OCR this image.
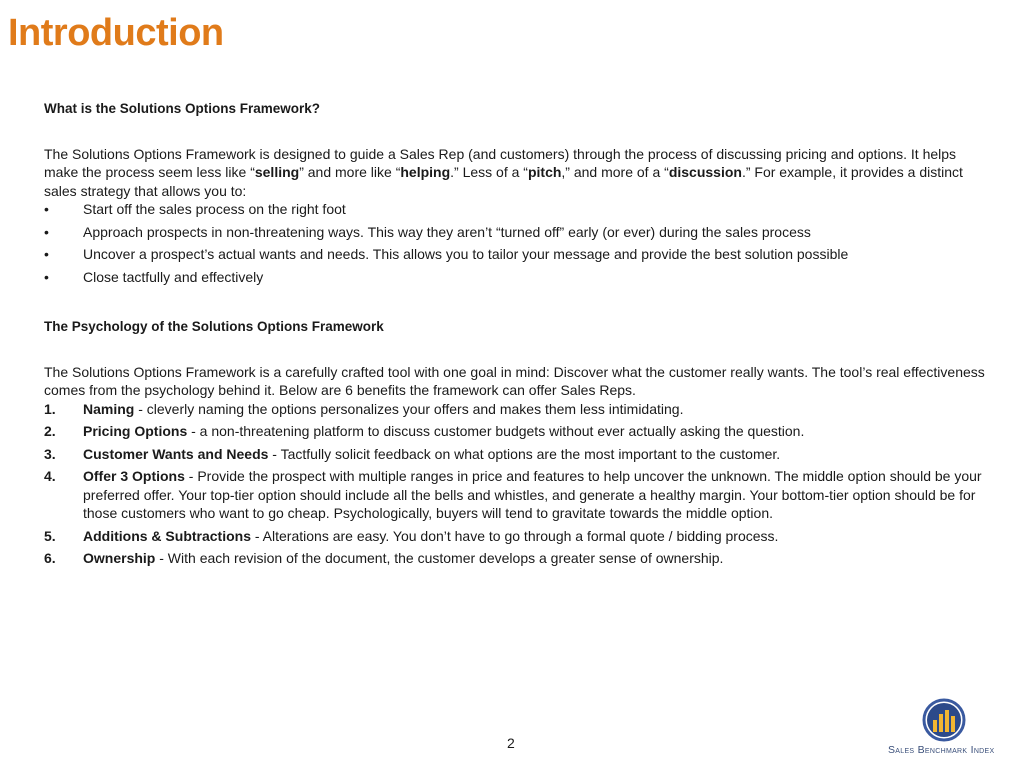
Introduction

What is the Solutions Options Framework?

The Solutions Options Framework is designed to guide a Sales Rep (and customers) through the process of discussing pricing and options. It helps make the process seem less like “selling” and more like “helping.” Less of a “pitch,” and more of a “discussion.” For example, it provides a distinct sales strategy that allows you to:

• Start off the sales process on the right foot
• Approach prospects in non-threatening ways. This way they aren’t “turned off” early (or ever) during the sales process
• Uncover a prospect’s actual wants and needs. This allows you to tailor your message and provide the best solution possible
• Close tactfully and effectively

The Psychology of the Solutions Options Framework

The Solutions Options Framework is a carefully crafted tool with one goal in mind: Discover what the customer really wants. The tool’s real effectiveness comes from the psychology behind it. Below are 6 benefits the framework can offer Sales Reps.

1. Naming - cleverly naming the options personalizes your offers and makes them less intimidating.
2. Pricing Options - a non-threatening platform to discuss customer budgets without ever actually asking the question.
3. Customer Wants and Needs - Tactfully solicit feedback on what options are the most important to the customer.
4. Offer 3 Options - Provide the prospect with multiple ranges in price and features to help uncover the unknown. The middle option should be your preferred offer. Your top-tier option should include all the bells and whistles, and generate a healthy margin. Your bottom-tier option should be for those customers who want to go cheap. Psychologically, buyers will tend to gravitate towards the middle option.
5. Additions & Subtractions - Alterations are easy. You don’t have to go through a formal quote / bidding process.
6. Ownership - With each revision of the document, the customer develops a greater sense of ownership.
2	Sales Benchmark Index
